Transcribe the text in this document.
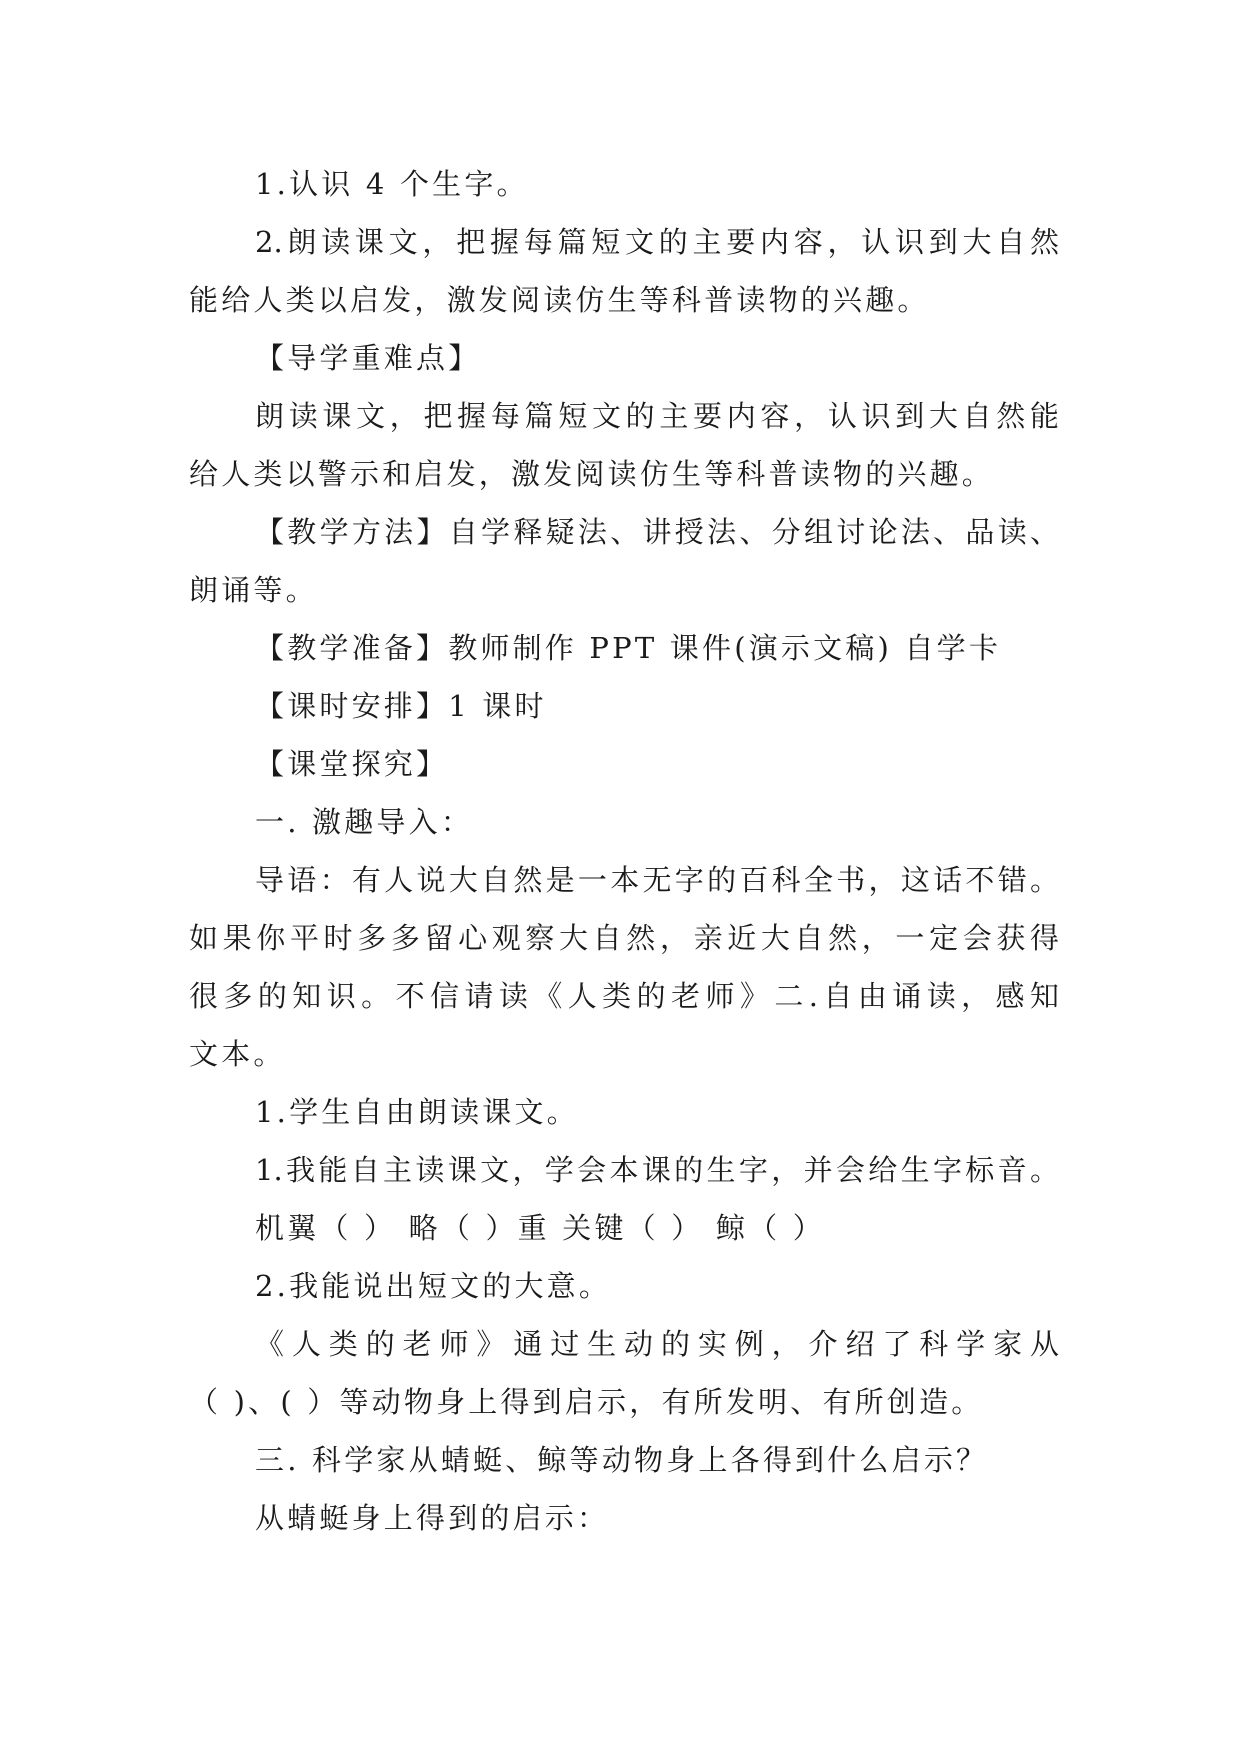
1.认识 4 个生字。
2.朗读课文，把握每篇短文的主要内容，认识到大自然
能给人类以启发，激发阅读仿生等科普读物的兴趣。
【导学重难点】
朗读课文，把握每篇短文的主要内容，认识到大自然能
给人类以警示和启发，激发阅读仿生等科普读物的兴趣。
【教学方法】自学释疑法、讲授法、分组讨论法、品读、
朗诵等。
【教学准备】教师制作 PPT 课件(演示文稿) 自学卡
【课时安排】1 课时
【课堂探究】
一. 激趣导入：
导语：有人说大自然是一本无字的百科全书，这话不错。
如果你平时多多留心观察大自然，亲近大自然，一定会获得
很多的知识。不信请读《人类的老师》二.自由诵读，感知
文本。
1.学生自由朗读课文。
1.我能自主读课文，学会本课的生字，并会给生字标音。
机翼（ ） 略（ ）重 关键（ ） 鲸（ ）
2.我能说出短文的大意。
《人类的老师》通过生动的实例，介绍了科学家从
（ )、( ）等动物身上得到启示，有所发明、有所创造。
三. 科学家从蜻蜓、鲸等动物身上各得到什么启示？
从蜻蜓身上得到的启示：
